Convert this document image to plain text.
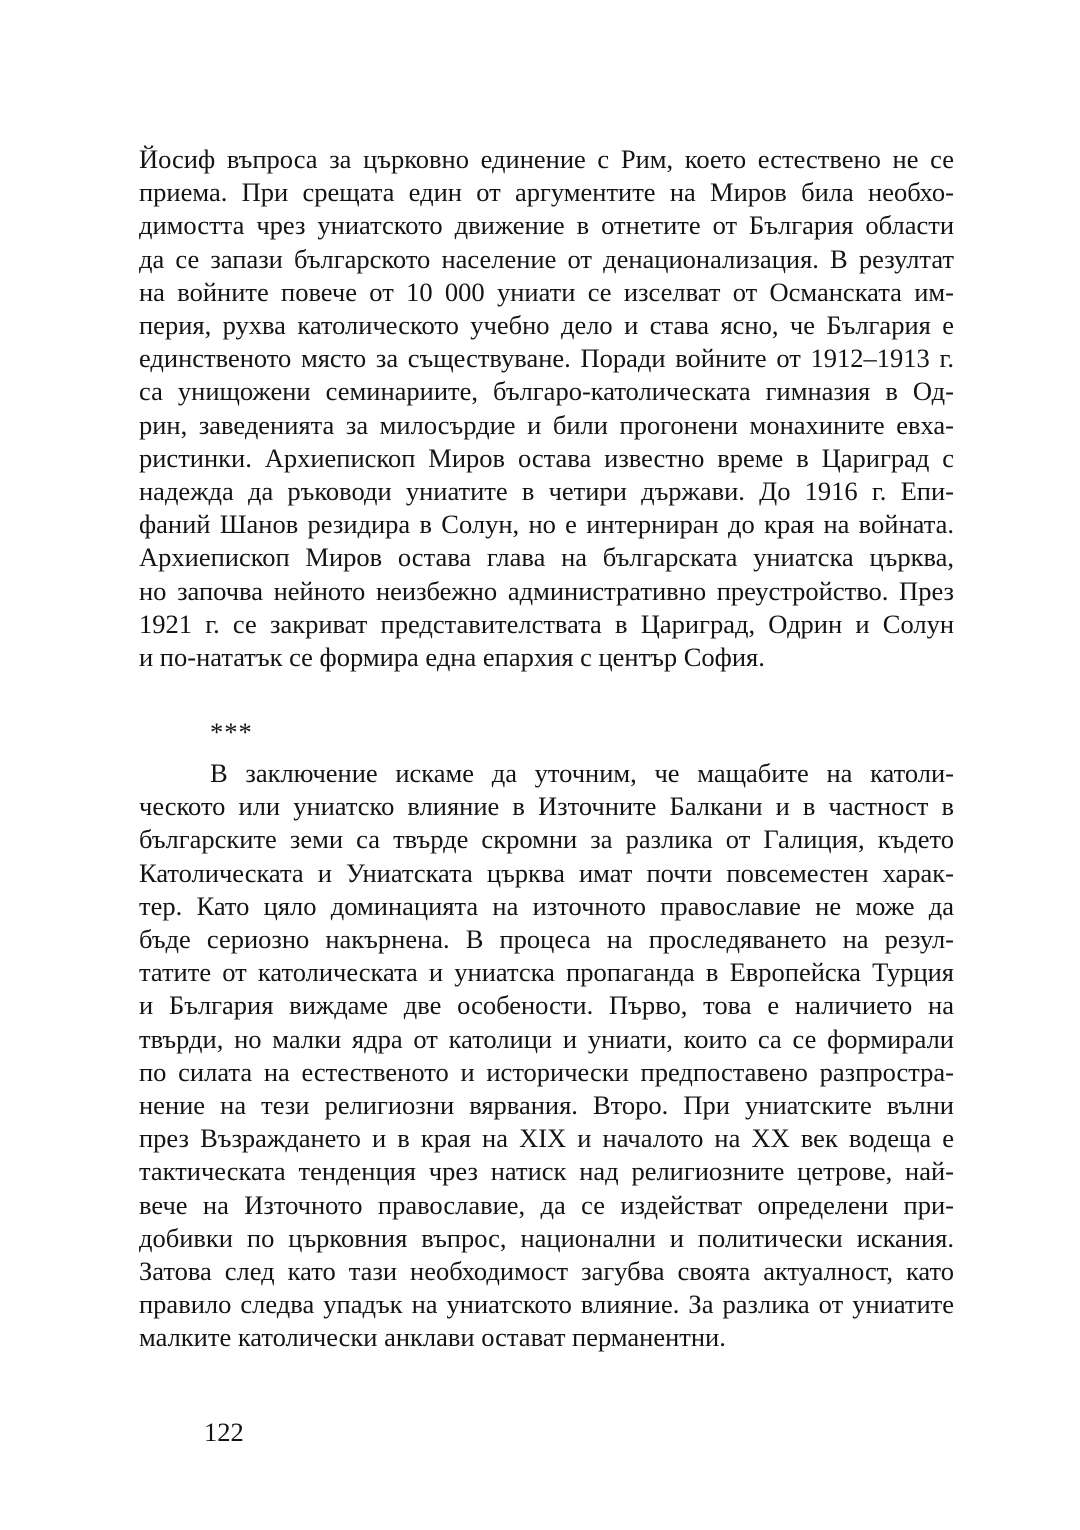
Йосиф въпроса за църковно единение с Рим, което естествено не се
приема. При срещата един от аргументите на Миров била необхо-
димостта чрез униатското движение в отнетите от България области
да се запази българското население от денационализация. В резултат
на войните повече от 10 000 униати се изселват от Османската им-
перия, рухва католическото учебно дело и става ясно, че България е
единственото място за съществуване. Поради войните от 1912–1913 г.
са унищожени семинариите, българо-католическата гимназия в Од-
рин, заведенията за милосърдие и били прогонени монахините евха-
ристинки. Архиепископ Миров остава известно време в Цариград с
надежда да ръководи униатите в четири държави. До 1916 г. Епи-
фаний Шанов резидира в Солун, но е интерниран до края на войната.
Архиепископ Миров остава глава на българската униатска църква,
но започва нейното неизбежно административно преустройство. През
1921 г. се закриват представителствата в Цариград, Одрин и Солун
и по-нататък се формира една епархия с център София.
***
В заключение искаме да уточним, че мащабите на католи-
ческото или униатско влияние в Източните Балкани и в частност в
българските земи са твърде скромни за разлика от Галиция, където
Католическата и Униатската църква имат почти повсеместен харак-
тер. Като цяло доминацията на източното православие не може да
бъде сериозно накърнена. В процеса на проследяването на резул-
татите от католическата и униатска пропаганда в Европейска Турция
и България виждаме две особености. Първо, това е наличието на
твърди, но малки ядра от католици и униати, които са се формирали
по силата на естественото и исторически предпоставено разпростра-
нение на тези религиозни вярвания. Второ. При униатските вълни
през Възраждането и в края на XIX и началото на XX век водеща е
тактическата тенденция чрез натиск над религиозните цетрове, най-
вече на Източното православие, да се издействат определени при-
добивки по църковния въпрос, национални и политически искания.
Затова след като тази необходимост загубва своята актуалност, като
правило следва упадък на униатското влияние. За разлика от униатите
малките католически анклави остават перманентни.
122
